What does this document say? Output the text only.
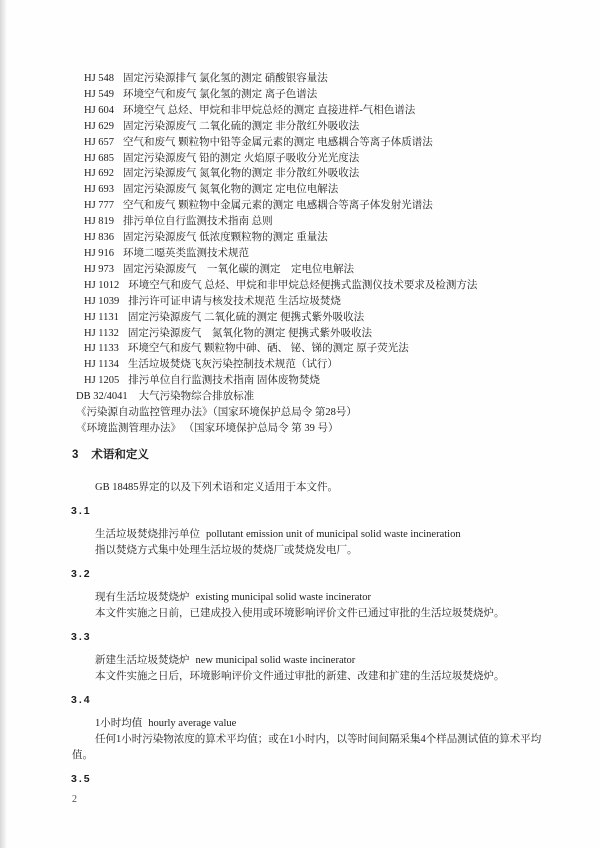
HJ 548 固定污染源排气 氯化氢的测定 硝酸银容量法

HJ 549 环境空气和废气 氯化氢的测定 离子色谱法

HJ 604 环境空气 总烃、甲烷和非甲烷总烃的测定 直接进样-气相色谱法

HJ 629 固定污染源废气 二氧化硫的测定 非分散红外吸收法

HJ 657 空气和废气 颗粒物中铅等金属元素的测定 电感耦合等离子体质谱法

HJ 685 固定污染源废气 铅的测定 火焰原子吸收分光光度法

HJ 692 固定污染源废气 氮氧化物的测定 非分散红外吸收法

HJ 693 固定污染源废气 氮氧化物的测定 定电位电解法

HJ 777 空气和废气 颗粒物中金属元素的测定 电感耦合等离子体发射光谱法

HJ 819 排污单位自行监测技术指南 总则

HJ 836 固定污染源废气 低浓度颗粒物的测定 重量法

HJ 916 环境二噁英类监测技术规范

HJ 973 固定污染源废气　一氧化碳的测定　定电位电解法

HJ 1012 环境空气和废气 总烃、甲烷和非甲烷总烃便携式监测仪技术要求及检测方法

HJ 1039 排污许可证申请与核发技术规范 生活垃圾焚烧

HJ 1131 固定污染源废气 二氧化硫的测定 便携式紫外吸收法

HJ 1132 固定污染源废气　氮氧化物的测定 便携式紫外吸收法

HJ 1133 环境空气和废气 颗粒物中砷、硒、 铋、锑的测定 原子荧光法

HJ 1134 生活垃圾焚烧飞灰污染控制技术规范（试行）

HJ 1205 排污单位自行监测技术指南 固体废物焚烧

DB 32/4041 大气污染物综合排放标准

《污染源自动监控管理办法》（国家环境保护总局令 第28号）

《环境监测管理办法》 （国家环境保护总局令 第 39 号）

3 术语和定义

GB 18485界定的以及下列术语和定义适用于本文件。

3.1

生活垃圾焚烧排污单位 pollutant emission unit of municipal solid waste incineration

指以焚烧方式集中处理生活垃圾的焚烧厂或焚烧发电厂。

3.2

现有生活垃圾焚烧炉 existing municipal solid waste incinerator

本文件实施之日前，已建成投入使用或环境影响评价文件已通过审批的生活垃圾焚烧炉。

3.3

新建生活垃圾焚烧炉 new municipal solid waste incinerator

本文件实施之日后，环境影响评价文件通过审批的新建、改建和扩建的生活垃圾焚烧炉。

3.4

1小时均值 hourly average value

任何1小时污染物浓度的算术平均值；或在1小时内，以等时间间隔采集4个样品测试值的算术平均值。

3.5

2
